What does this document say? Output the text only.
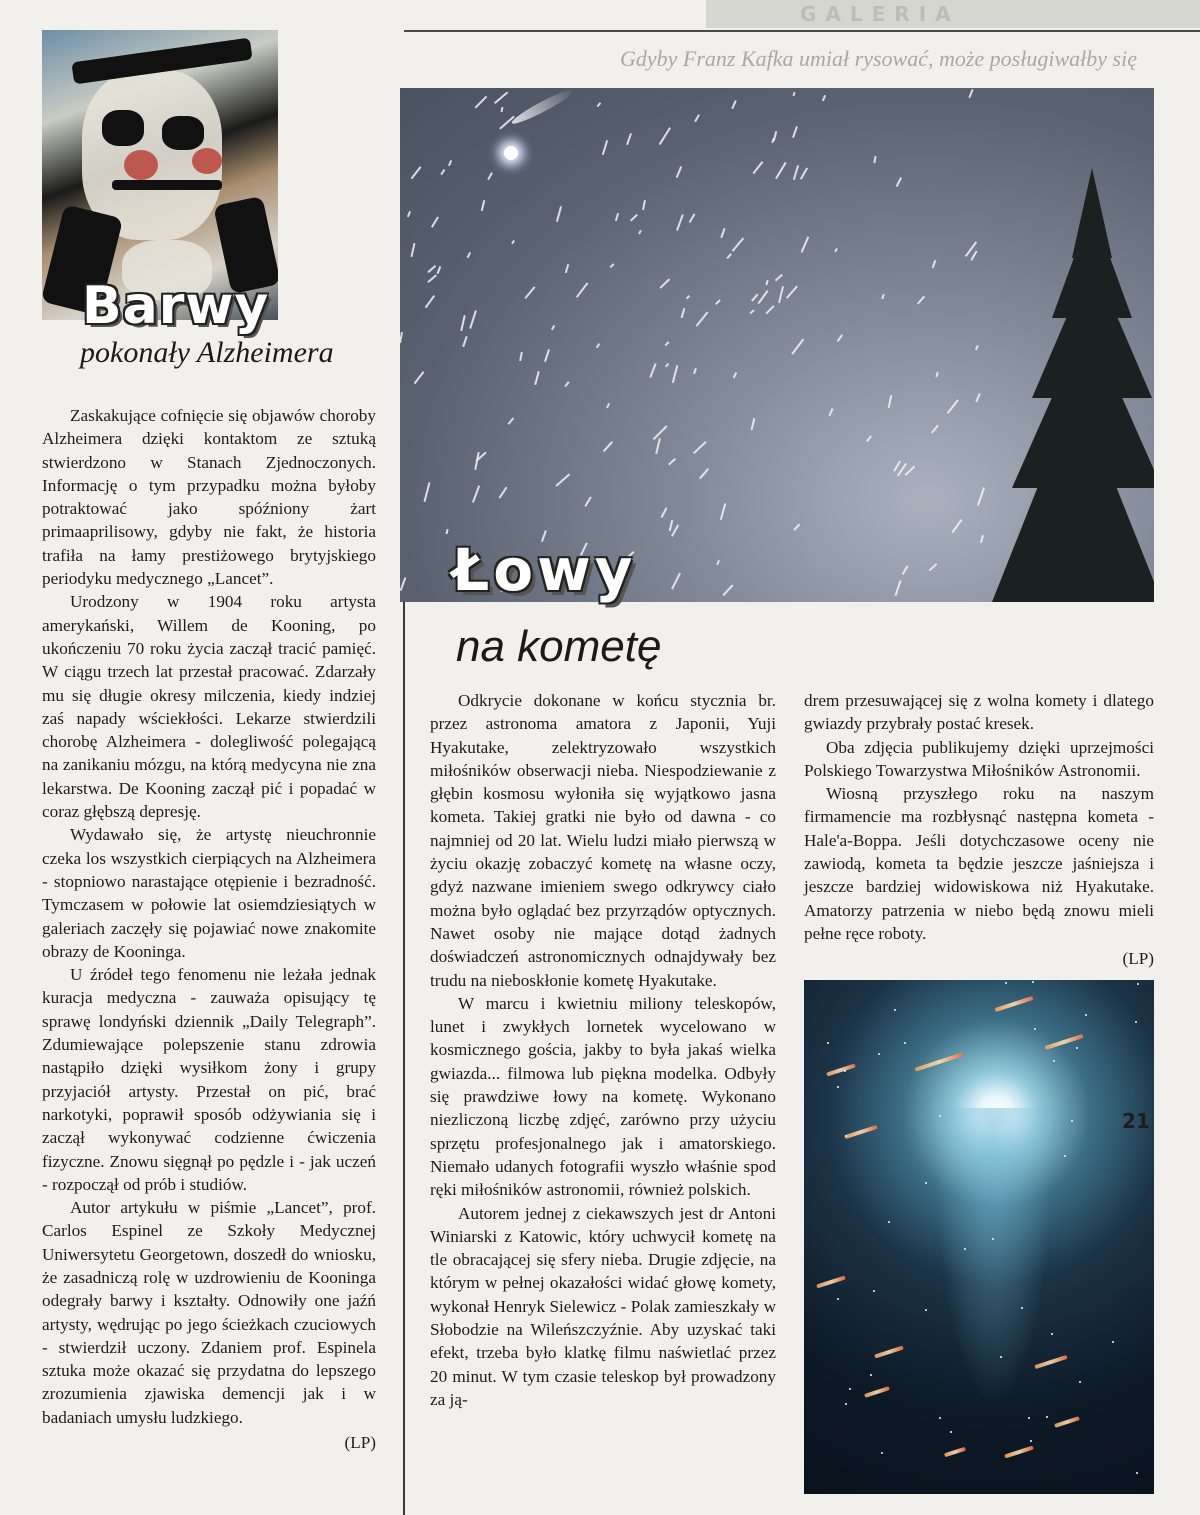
GALERIA
Gdyby Franz Kafka umiał rysować, może posługiwałby się
Barwy
pokonały Alzheimera

Zaskakujące cofnięcie się objawów choroby Alzheimera dzięki kontaktom ze sztuką stwierdzono w Stanach Zjednoczonych. Informację o tym przypadku można byłoby potraktować jako spóźniony żart primaaprilisowy, gdyby nie fakt, że historia trafiła na łamy prestiżowego brytyjskiego periodyku medycznego „Lancet”.

Urodzony w 1904 roku artysta amerykański, Willem de Kooning, po ukończeniu 70 roku życia zaczął tracić pamięć. W ciągu trzech lat przestał pracować. Zdarzały mu się długie okresy milczenia, kiedy indziej zaś napady wściekłości. Lekarze stwierdzili chorobę Alzheimera - dolegliwość polegającą na zanikaniu mózgu, na którą medycyna nie zna lekarstwa. De Kooning zaczął pić i popadać w coraz głębszą depresję.

Wydawało się, że artystę nieuchronnie czeka los wszystkich cierpiących na Alzheimera - stopniowo narastające otępienie i bezradność. Tymczasem w połowie lat osiemdziesiątych w galeriach zaczęły się pojawiać nowe znakomite obrazy de Kooninga.

U źródeł tego fenomenu nie leżała jednak kuracja medyczna - zauważa opisujący tę sprawę londyński dziennik „Daily Telegraph”. Zdumiewające polepszenie stanu zdrowia nastąpiło dzięki wysiłkom żony i grupy przyjaciół artysty. Przestał on pić, brać narkotyki, poprawił sposób odżywiania się i zaczął wykonywać codzienne ćwiczenia fizyczne. Znowu sięgnął po pędzle i - jak uczeń - rozpoczął od prób i studiów.

Autor artykułu w piśmie „Lancet”, prof. Carlos Espinel ze Szkoły Medycznej Uniwersytetu Georgetown, doszedł do wniosku, że zasadniczą rolę w uzdrowieniu de Kooninga odegrały barwy i kształty. Odnowiły one jaźń artysty, wędrując po jego ścieżkach czuciowych - stwierdził uczony. Zdaniem prof. Espinela sztuka może okazać się przydatna do lepszego zrozumienia zjawiska demencji jak i w badaniach umysłu ludzkiego.

(LP)
Łowy
na kometę

Odkrycie dokonane w końcu stycznia br. przez astronoma amatora z Japonii, Yuji Hyakutake, zelektryzowało wszystkich miłośników obserwacji nieba. Niespodziewanie z głębin kosmosu wyłoniła się wyjątkowo jasna kometa. Takiej gratki nie było od dawna - co najmniej od 20 lat. Wielu ludzi miało pierwszą w życiu okazję zobaczyć kometę na własne oczy, gdyż nazwane imieniem swego odkrywcy ciało można było oglądać bez przyrządów optycznych. Nawet osoby nie mające dotąd żadnych doświadczeń astronomicznych odnajdywały bez trudu na nieboskłonie kometę Hyakutake.

W marcu i kwietniu miliony teleskopów, lunet i zwykłych lornetek wycelowano w kosmicznego gościa, jakby to była jakaś wielka gwiazda... filmowa lub piękna modelka. Odbyły się prawdziwe łowy na kometę. Wykonano niezliczoną liczbę zdjęć, zarówno przy użyciu sprzętu profesjonalnego jak i amatorskiego. Niemało udanych fotografii wyszło właśnie spod ręki miłośników astronomii, również polskich.

Autorem jednej z ciekawszych jest dr Antoni Winiarski z Katowic, który uchwycił kometę na tle obracającej się sfery nieba. Drugie zdjęcie, na którym w pełnej okazałości widać głowę komety, wykonał Henryk Sielewicz - Polak zamieszkały w Słobodzie na Wileńszczyźnie. Aby uzyskać taki efekt, trzeba było klatkę filmu naświetlać przez 20 minut. W tym czasie teleskop był prowadzony za ją-

drem przesuwającej się z wolna komety i dlatego gwiazdy przybrały postać kresek.

Oba zdjęcia publikujemy dzięki uprzejmości Polskiego Towarzystwa Miłośników Astronomii.

Wiosną przyszłego roku na naszym firmamencie ma rozbłysnąć następna kometa - Hale'a-Boppa. Jeśli dotychczasowe oceny nie zawiodą, kometa ta będzie jeszcze jaśniejsza i jeszcze bardziej widowiskowa niż Hyakutake. Amatorzy patrzenia w niebo będą znowu mieli pełne ręce roboty.

(LP)
21
